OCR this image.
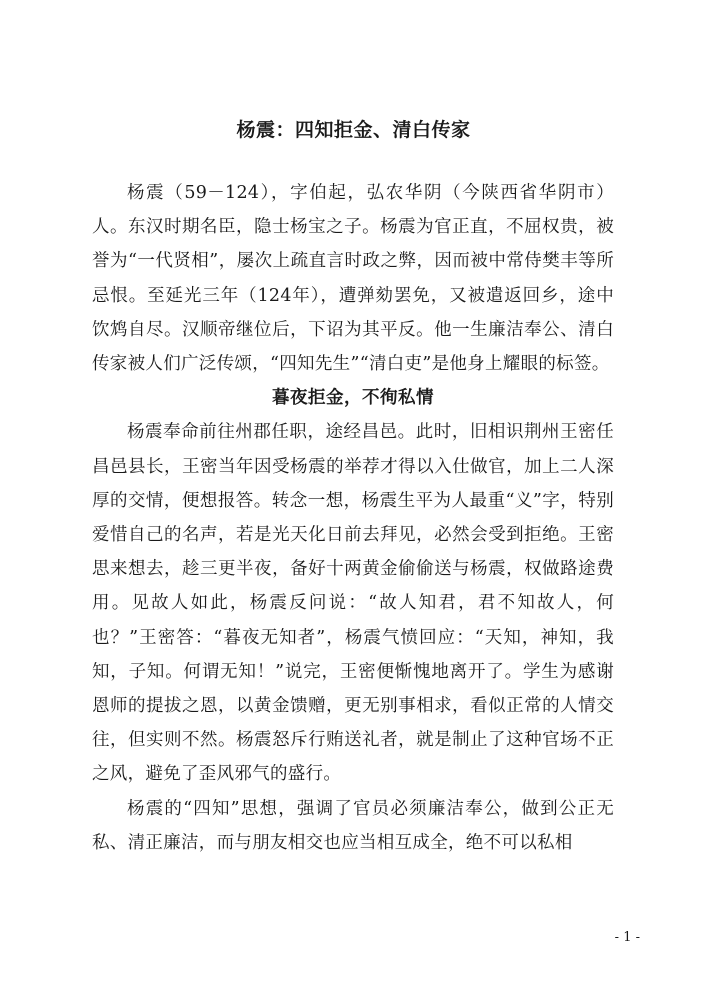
杨震：四知拒金、清白传家

杨震（59－124），字伯起，弘农华阴（今陕西省华阴市）人。东汉时期名臣，隐士杨宝之子。杨震为官正直，不屈权贵，被誉为“一代贤相”，屡次上疏直言时政之弊，因而被中常侍樊丰等所忌恨。至延光三年（124年），遭弹劾罢免，又被遣返回乡，途中饮鸩自尽。汉顺帝继位后，下诏为其平反。他一生廉洁奉公、清白传家被人们广泛传颂，“四知先生”“清白吏”是他身上耀眼的标签。

暮夜拒金，不徇私情

杨震奉命前往州郡任职，途经昌邑。此时，旧相识荆州王密任昌邑县长，王密当年因受杨震的举荐才得以入仕做官，加上二人深厚的交情，便想报答。转念一想，杨震生平为人最重“义”字，特别爱惜自己的名声，若是光天化日前去拜见，必然会受到拒绝。王密思来想去，趁三更半夜，备好十两黄金偷偷送与杨震，权做路途费用。见故人如此，杨震反问说：“故人知君，君不知故人，何也？”王密答：“暮夜无知者”，杨震气愤回应：“天知，神知，我知，子知。何谓无知！”说完，王密便惭愧地离开了。学生为感谢恩师的提拔之恩，以黄金馈赠，更无别事相求，看似正常的人情交往，但实则不然。杨震怒斥行贿送礼者，就是制止了这种官场不正之风，避免了歪风邪气的盛行。

杨震的“四知”思想，强调了官员必须廉洁奉公，做到公正无私、清正廉洁，而与朋友相交也应当相互成全，绝不可以私相

- 1 -
